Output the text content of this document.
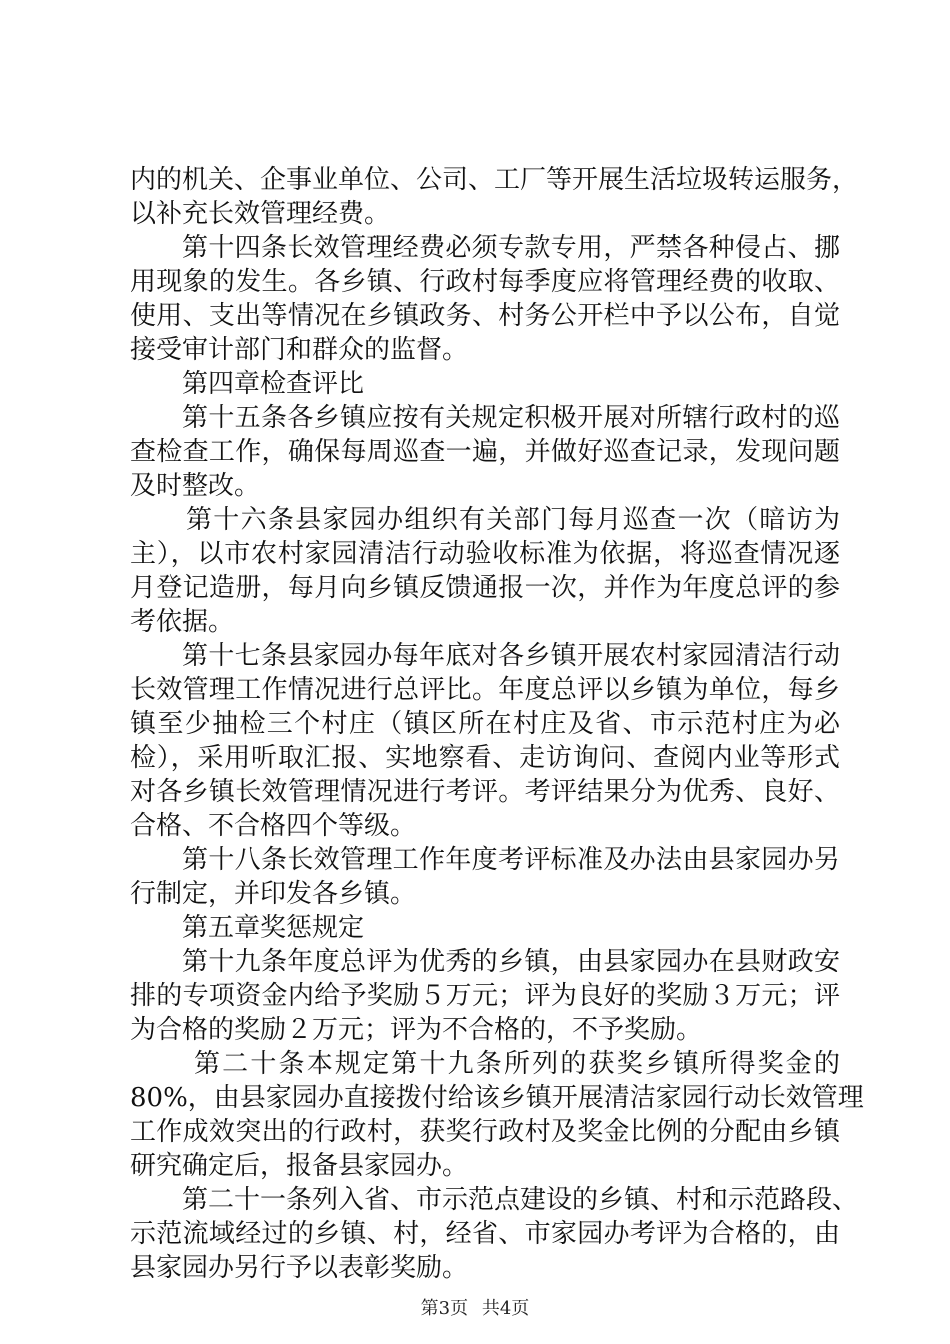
内的机关、企事业单位、公司、工厂等开展生活垃圾转运服务，

以补充长效管理经费。

第十四条长效管理经费必须专款专用，严禁各种侵占、挪

用现象的发生。各乡镇、行政村每季度应将管理经费的收取、

使用、支出等情况在乡镇政务、村务公开栏中予以公布，自觉

接受审计部门和群众的监督。

第四章检查评比

第十五条各乡镇应按有关规定积极开展对所辖行政村的巡

查检查工作，确保每周巡查一遍，并做好巡查记录，发现问题

及时整改。

第十六条县家园办组织有关部门每月巡查一次（暗访为

主），以市农村家园清洁行动验收标准为依据，将巡查情况逐

月登记造册，每月向乡镇反馈通报一次，并作为年度总评的参

考依据。

第十七条县家园办每年底对各乡镇开展农村家园清洁行动

长效管理工作情况进行总评比。年度总评以乡镇为单位，每乡

镇至少抽检三个村庄（镇区所在村庄及省、市示范村庄为必

检），采用听取汇报、实地察看、走访询问、查阅内业等形式

对各乡镇长效管理情况进行考评。考评结果分为优秀、良好、

合格、不合格四个等级。

第十八条长效管理工作年度考评标准及办法由县家园办另

行制定，并印发各乡镇。

第五章奖惩规定

第十九条年度总评为优秀的乡镇，由县家园办在县财政安

排的专项资金内给予奖励５万元；评为良好的奖励３万元；评

为合格的奖励２万元；评为不合格的，不予奖励。

第二十条本规定第十九条所列的获奖乡镇所得奖金的

80%，由县家园办直接拨付给该乡镇开展清洁家园行动长效管理

工作成效突出的行政村，获奖行政村及奖金比例的分配由乡镇

研究确定后，报备县家园办。

第二十一条列入省、市示范点建设的乡镇、村和示范路段、

示范流域经过的乡镇、村，经省、市家园办考评为合格的，由

县家园办另行予以表彰奖励。

第3页 共4页
